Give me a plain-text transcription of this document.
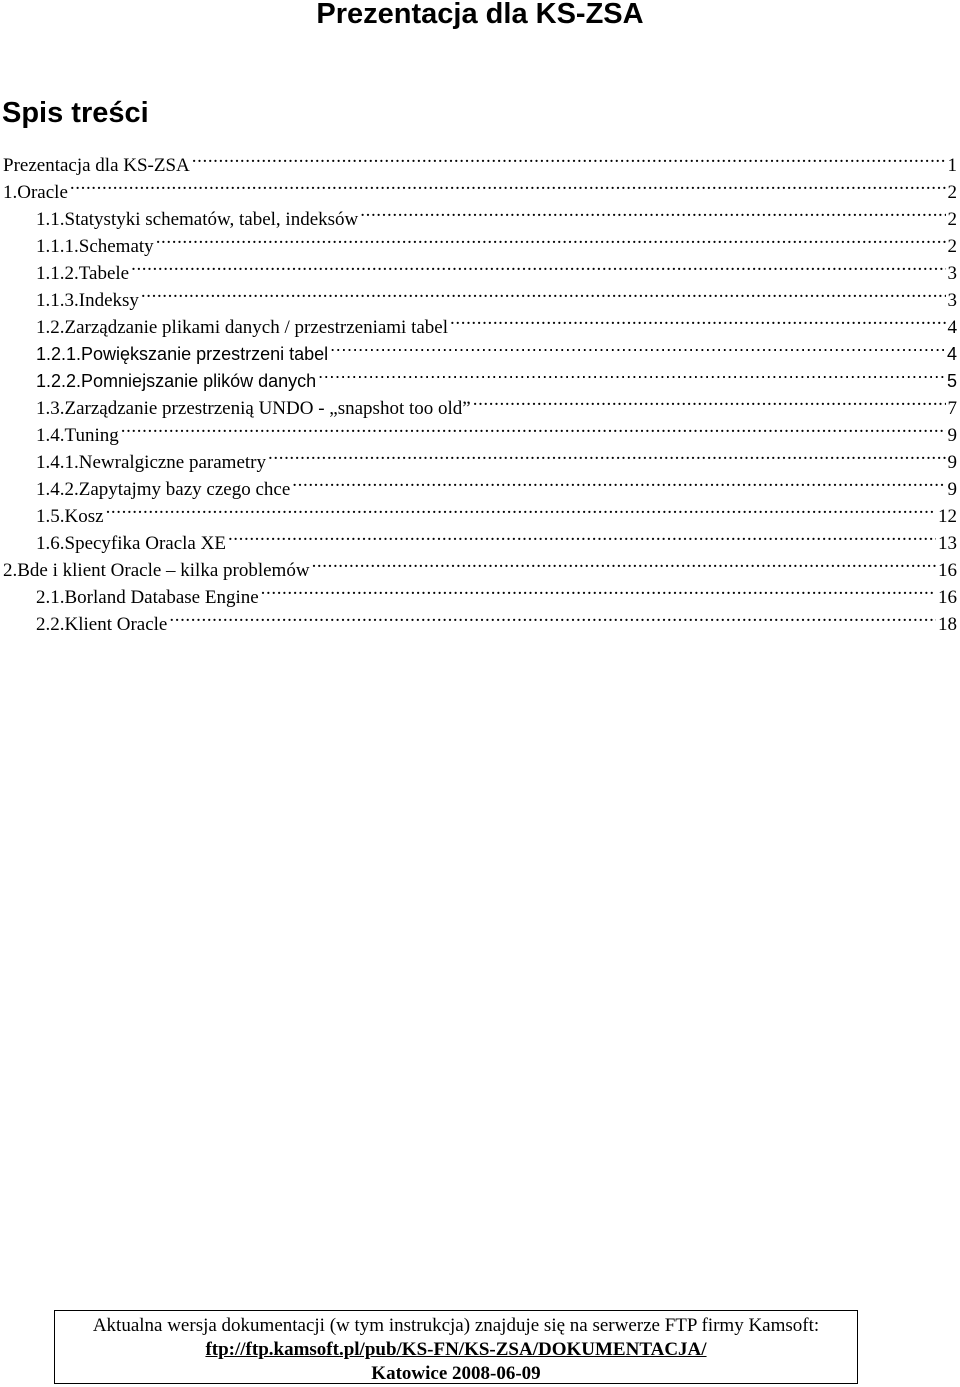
Prezentacja dla KS-ZSA
Spis treści
Prezentacja dla KS-ZSA .....	1
1.Oracle .....	2
1.1.Statystyki schematów, tabel, indeksów .....	2
1.1.1.Schematy .....	2
1.1.2.Tabele .....	3
1.1.3.Indeksy .....	3
1.2.Zarządzanie plikami danych / przestrzeniami tabel .....	4
1.2.1.Powiększanie przestrzeni tabel .....	4
1.2.2.Pomniejszanie plików danych .....	5
1.3.Zarządzanie przestrzenią UNDO - „snapshot too old” .....	7
1.4.Tuning .....	9
1.4.1.Newralgiczne parametry .....	9
1.4.2.Zapytajmy bazy czego chce .....	9
1.5.Kosz .....	12
1.6.Specyfika Oracla XE .....	13
2.Bde i klient Oracle – kilka problemów .....	16
2.1.Borland Database Engine .....	16
2.2.Klient Oracle .....	18
Aktualna wersja dokumentacji (w tym instrukcja) znajduje się na serwerze FTP firmy Kamsoft:
ftp://ftp.kamsoft.pl/pub/KS-FN/KS-ZSA/DOKUMENTACJA/
Katowice 2008-06-09
